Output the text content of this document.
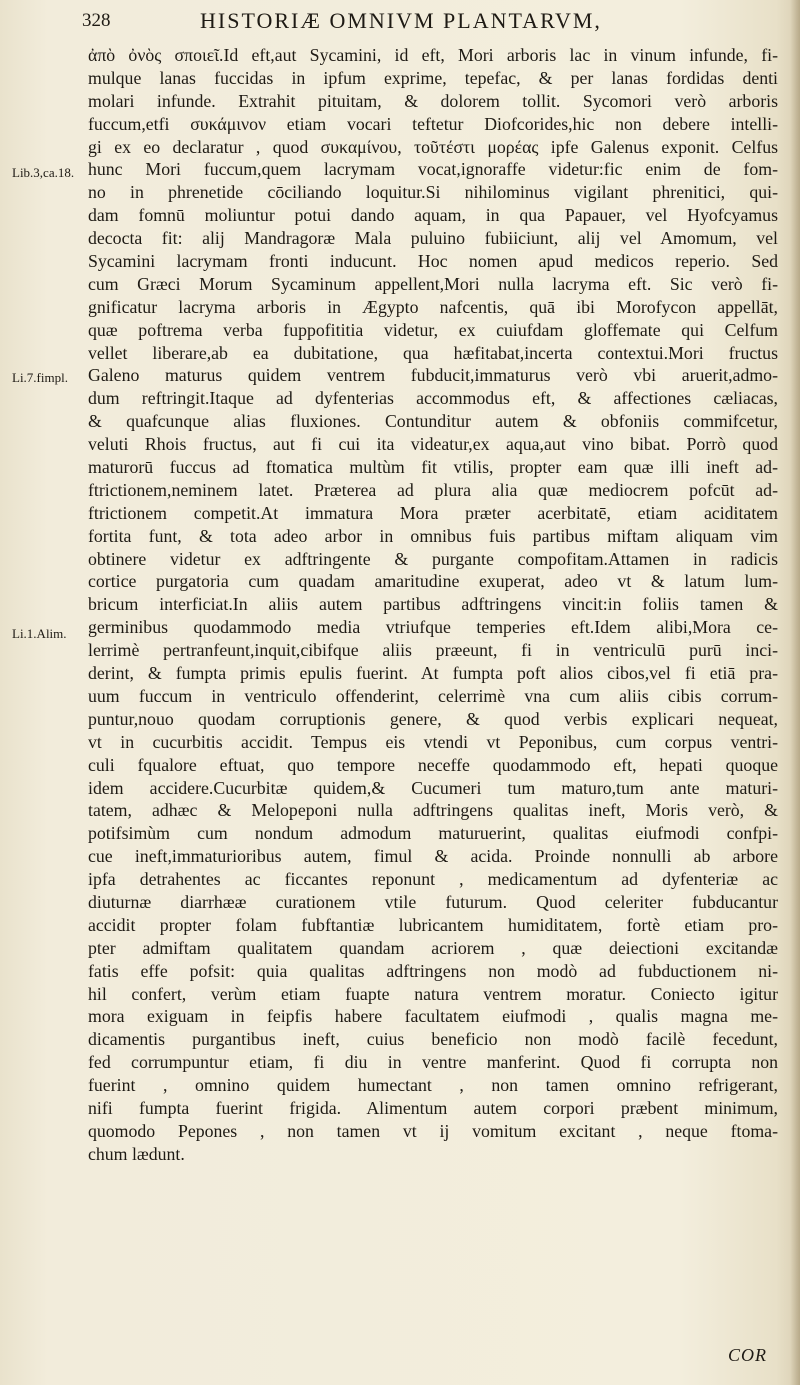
328	HISTORIÆ OMNIVM PLANTARVM,
Lib.3,ca.18.
Li.7.fimpl.
Li.1.Alim.
ἀπὸ ὀνὸς σποιεῖ.Id eft,aut Sycamini, id eft, Mori arboris lac in vinum infunde, fi-
mulque lanas fuccidas in ipfum exprime, tepefac, & per lanas fordidas denti
molari infunde. Extrahit pituitam, & dolorem tollit. Sycomori verò arboris
fuccum,etfi συκάμινον etiam vocari teftetur Diofcorides,hic non debere intelli-
gi ex eo declaratur , quod συκαμίνου, τοῦτέστι μορέας ipfe Galenus exponit. Celfus
hunc Mori fuccum,quem lacrymam vocat,ignoraffe videtur:fic enim de fom-
no in phrenetide cōciliando loquitur.Si nihilominus vigilant phrenitici, qui-
dam fomnū moliuntur potui dando aquam, in qua Papauer, vel Hyofcyamus
decocta fit: alij Mandragoræ Mala puluino fubiiciunt, alij vel Amomum, vel
Sycamini lacrymam fronti inducunt. Hoc nomen apud medicos reperio. Sed
cum Græci Morum Sycaminum appellent,Mori nulla lacryma eft. Sic verò fi-
gnificatur lacryma arboris in Ægypto nafcentis, quā ibi Morofycon appellāt,
quæ poftrema verba fuppofititia videtur, ex cuiufdam gloffemate qui Celfum
vellet liberare,ab ea dubitatione, qua hæfitabat,incerta contextui.Mori fructus
Galeno maturus quidem ventrem fubducit,immaturus verò vbi aruerit,admo-
dum reftringit.Itaque ad dyfenterias accommodus eft, & affectiones cæliacas,
& quafcunque alias fluxiones. Contunditur autem & obfoniis commifcetur,
veluti Rhois fructus, aut fi cui ita videatur,ex aqua,aut vino bibat. Porrò quod
maturorū fuccus ad ftomatica multùm fit vtilis, propter eam quæ illi ineft ad-
ftrictionem,neminem latet. Præterea ad plura alia quæ mediocrem pofcūt ad-
ftrictionem competit.At immatura Mora præter acerbitatē, etiam aciditatem
fortita funt, & tota adeo arbor in omnibus fuis partibus miftam aliquam vim
obtinere videtur ex adftringente & purgante compofitam.Attamen in radicis
cortice purgatoria cum quadam amaritudine exuperat, adeo vt & latum lum-
bricum interficiat.In aliis autem partibus adftringens vincit:in foliis tamen &
germinibus quodammodo media vtriufque temperies eft.Idem alibi,Mora ce-
lerrimè pertranfeunt,inquit,cibifque aliis præeunt, fi in ventriculū purū inci-
derint, & fumpta primis epulis fuerint. At fumpta poft alios cibos,vel fi etiā pra-
uum fuccum in ventriculo offenderint, celerrimè vna cum aliis cibis corrum-
puntur,nouo quodam corruptionis genere, & quod verbis explicari nequeat,
vt in cucurbitis accidit. Tempus eis vtendi vt Peponibus, cum corpus ventri-
culi fqualore eftuat, quo tempore neceffe quodammodo eft, hepati quoque
idem accidere.Cucurbitæ quidem,& Cucumeri tum maturo,tum ante maturi-
tatem, adhæc & Melopeponi nulla adftringens qualitas ineft, Moris verò, &
potifsimùm cum nondum admodum maturuerint, qualitas eiufmodi confpi-
cue ineft,immaturioribus autem, fimul & acida. Proinde nonnulli ab arbore
ipfa detrahentes ac ficcantes reponunt , medicamentum ad dyfenteriæ ac
diuturnæ diarrhææ curationem vtile futurum. Quod celeriter fubducantur
accidit propter folam fubftantiæ lubricantem humiditatem, fortè etiam pro-
pter admiftam qualitatem quandam acriorem , quæ deiectioni excitandæ
fatis effe pofsit: quia qualitas adftringens non modò ad fubductionem ni-
hil confert, verùm etiam fuapte natura ventrem moratur. Coniecto igitur
mora exiguam in feipfis habere facultatem eiufmodi , qualis magna me-
dicamentis purgantibus ineft, cuius beneficio non modò facilè fecedunt,
fed corrumpuntur etiam, fi diu in ventre manferint. Quod fi corrupta non
fuerint , omnino quidem humectant , non tamen omnino refrigerant,
nifi fumpta fuerint frigida. Alimentum autem corpori præbent minimum,
quomodo Pepones , non tamen vt ij vomitum excitant , neque ftoma-
chum lædunt.
COR
